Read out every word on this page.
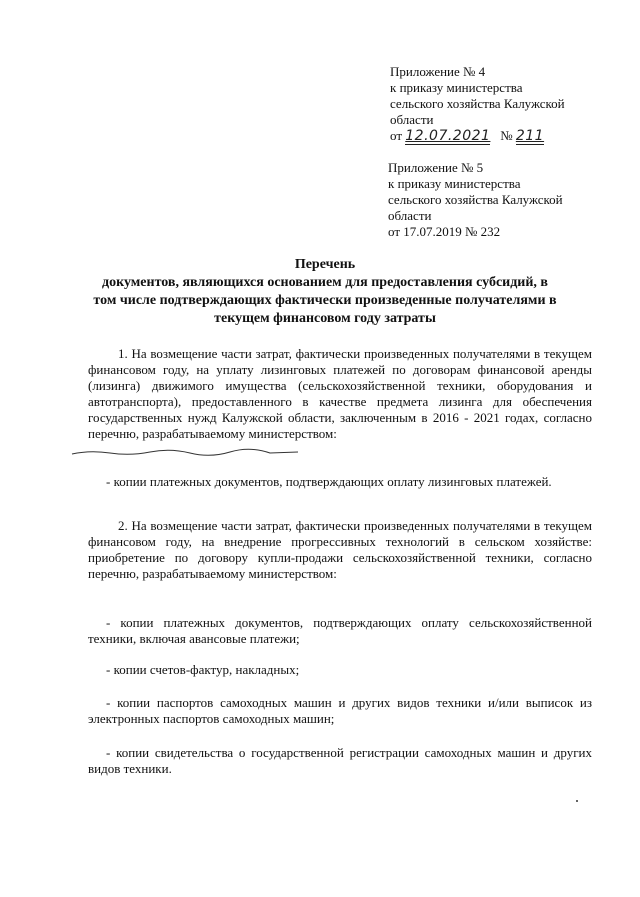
Приложение № 4
к приказу министерства
сельского хозяйства Калужской
области
от 12.07.2021 № 211
Приложение № 5
к приказу министерства
сельского хозяйства Калужской
области
от 17.07.2019 № 232
Перечень
документов, являющихся основанием для предоставления субсидий, в
том числе подтверждающих фактически произведенные получателями в
текущем финансовом году затраты
1. На возмещение части затрат, фактически произведенных получателями в текущем финансовом году, на уплату лизинговых платежей по договорам финансовой аренды (лизинга) движимого имущества (сельскохозяйственной техники, оборудования и автотранспорта), предоставленного в качестве предмета лизинга для обеспечения государственных нужд Калужской области, заключенным в 2016 - 2021 годах, согласно перечню, разрабатываемому министерством:
- копии платежных документов, подтверждающих оплату лизинговых платежей.
2. На возмещение части затрат, фактически произведенных получателями в текущем финансовом году, на внедрение прогрессивных технологий в сельском хозяйстве: приобретение по договору купли-продажи сельскохозяйственной техники, согласно перечню, разрабатываемому министерством:
- копии платежных документов, подтверждающих оплату сельскохозяйственной техники, включая авансовые платежи;
- копии счетов-фактур, накладных;
- копии паспортов самоходных машин и других видов техники и/или выписок из электронных паспортов самоходных машин;
- копии свидетельства о государственной регистрации самоходных машин и других видов техники.
